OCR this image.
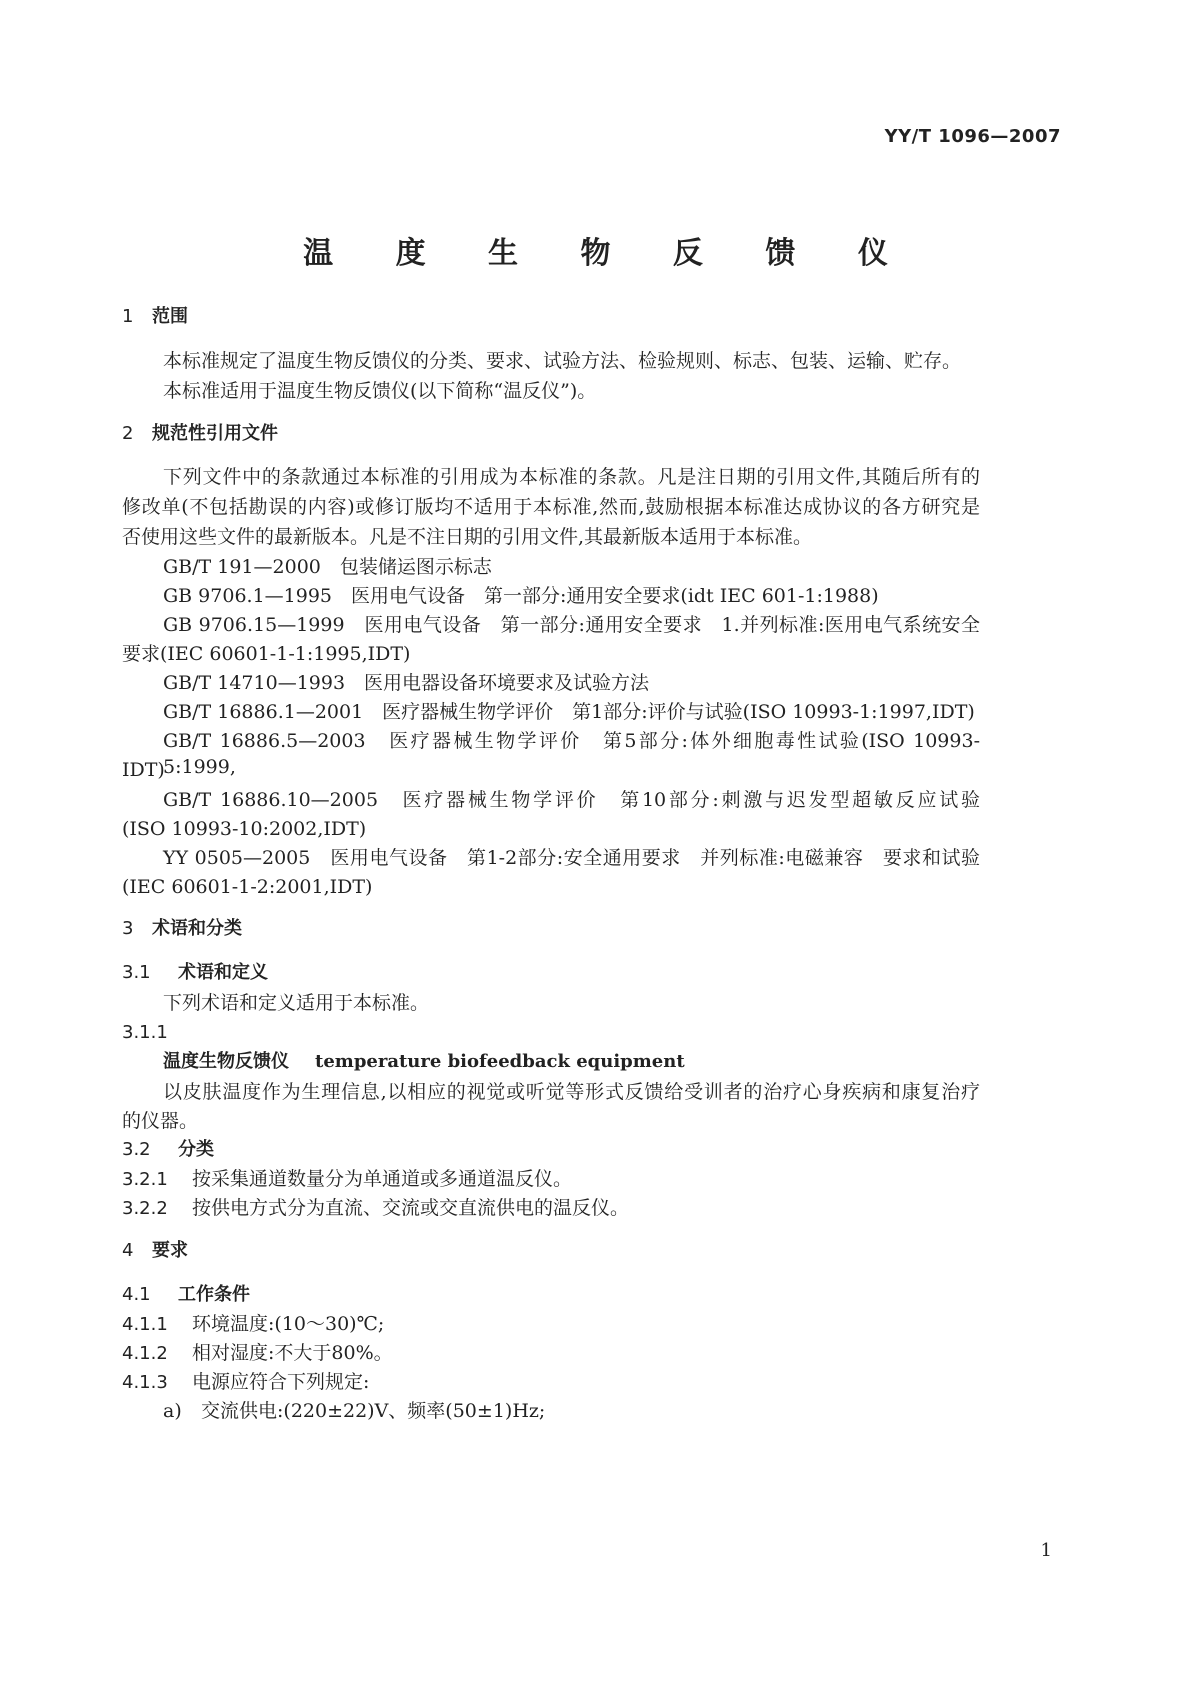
YY/T 1096—2007
温 度 生 物 反 馈 仪
1 范围
本标准规定了温度生物反馈仪的分类、要求、试验方法、检验规则、标志、包装、运输、贮存。
本标准适用于温度生物反馈仪(以下简称“温反仪”)。
2 规范性引用文件
下列文件中的条款通过本标准的引用成为本标准的条款。凡是注日期的引用文件,其随后所有的
修改单(不包括勘误的内容)或修订版均不适用于本标准,然而,鼓励根据本标准达成协议的各方研究是
否使用这些文件的最新版本。凡是不注日期的引用文件,其最新版本适用于本标准。
GB/T 191—2000　包装储运图示标志
GB 9706.1—1995　医用电气设备　第一部分:通用安全要求(idt IEC 601-1:1988)
GB 9706.15—1999　医用电气设备　第一部分:通用安全要求　1.并列标准:医用电气系统安全
要求(IEC 60601-1-1:1995,IDT)
GB/T 14710—1993　医用电器设备环境要求及试验方法
GB/T 16886.1—2001　医疗器械生物学评价　第1部分:评价与试验(ISO 10993-1:1997,IDT)
GB/T 16886.5—2003　医疗器械生物学评价　第5部分:体外细胞毒性试验(ISO 10993-5:1999,
IDT)
GB/T 16886.10—2005　医疗器械生物学评价　第10部分:刺激与迟发型超敏反应试验
(ISO 10993-10:2002,IDT)
YY 0505—2005　医用电气设备　第1-2部分:安全通用要求　并列标准:电磁兼容　要求和试验
(IEC 60601-1-2:2001,IDT)
3 术语和分类
3.1 术语和定义
下列术语和定义适用于本标准。
3.1.1
温度生物反馈仪 temperature biofeedback equipment
以皮肤温度作为生理信息,以相应的视觉或听觉等形式反馈给受训者的治疗心身疾病和康复治疗
的仪器。
3.2 分类
3.2.1 按采集通道数量分为单通道或多通道温反仪。
3.2.2 按供电方式分为直流、交流或交直流供电的温反仪。
4 要求
4.1 工作条件
4.1.1 环境温度:(10～30)℃;
4.1.2 相对湿度:不大于80%。
4.1.3 电源应符合下列规定:
a) 交流供电:(220±22)V、频率(50±1)Hz;
1
